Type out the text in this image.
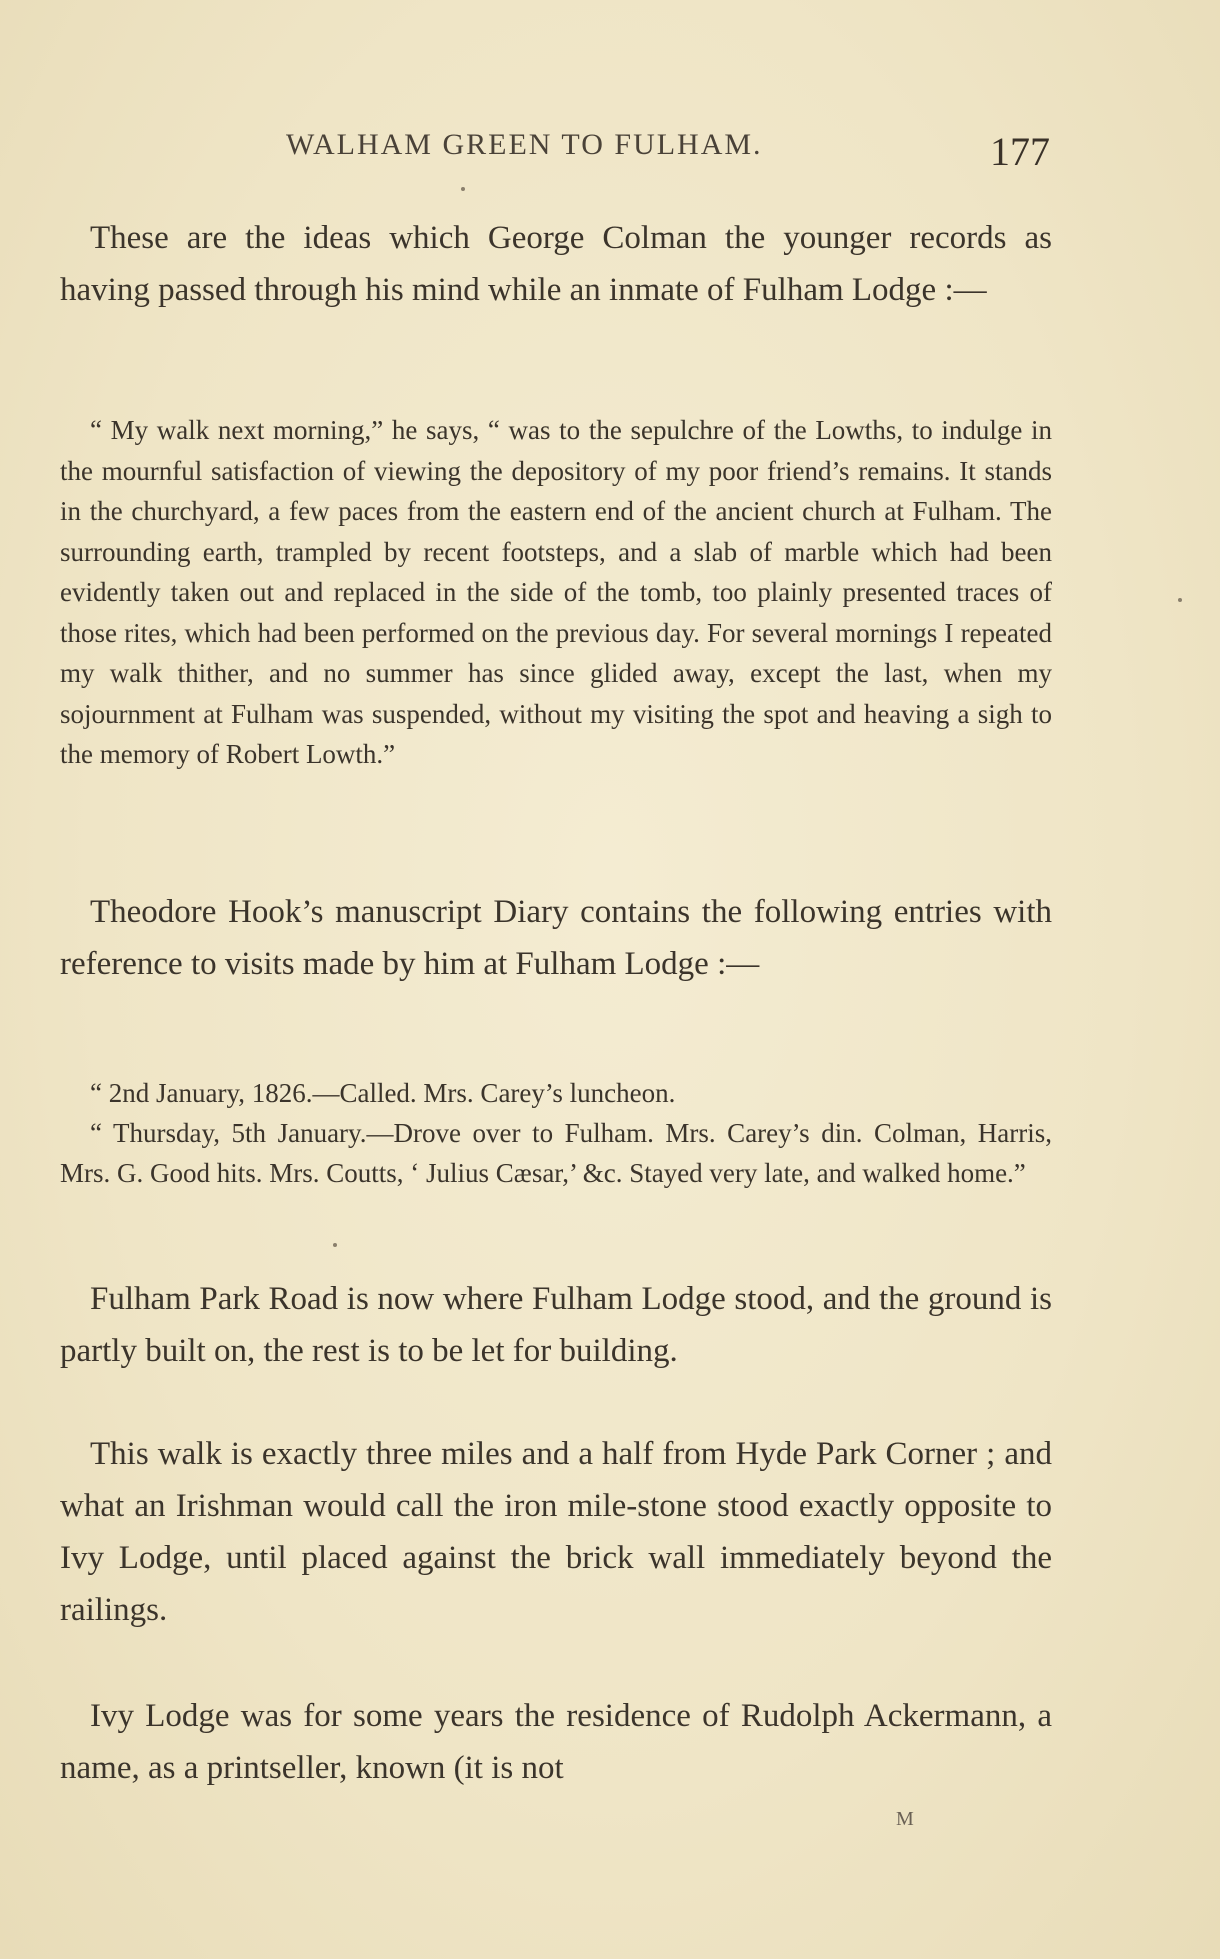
WALHAM GREEN TO FULHAM.	177

These are the ideas which George Colman the younger records as having passed through his mind while an inmate of Fulham Lodge :—

“ My walk next morning,” he says, “ was to the sepulchre of the Lowths, to indulge in the mournful satisfaction of viewing the depository of my poor friend’s remains. It stands in the churchyard, a few paces from the eastern end of the ancient church at Fulham. The surrounding earth, trampled by recent footsteps, and a slab of marble which had been evidently taken out and replaced in the side of the tomb, too plainly presented traces of those rites, which had been performed on the previous day. For several mornings I repeated my walk thither, and no summer has since glided away, except the last, when my sojournment at Fulham was suspended, without my visiting the spot and heaving a sigh to the memory of Robert Lowth.”

Theodore Hook’s manuscript Diary contains the following entries with reference to visits made by him at Fulham Lodge :—

“ 2nd January, 1826.—Called. Mrs. Carey’s luncheon.

“ Thursday, 5th January.—Drove over to Fulham. Mrs. Carey’s din. Colman, Harris, Mrs. G. Good hits. Mrs. Coutts, ‘ Julius Cæsar,’ &c. Stayed very late, and walked home.”

Fulham Park Road is now where Fulham Lodge stood, and the ground is partly built on, the rest is to be let for building.

This walk is exactly three miles and a half from Hyde Park Corner ; and what an Irishman would call the iron mile-stone stood exactly opposite to Ivy Lodge, until placed against the brick wall immediately beyond the railings.

Ivy Lodge was for some years the residence of Rudolph Ackermann, a name, as a printseller, known (it is not

M
